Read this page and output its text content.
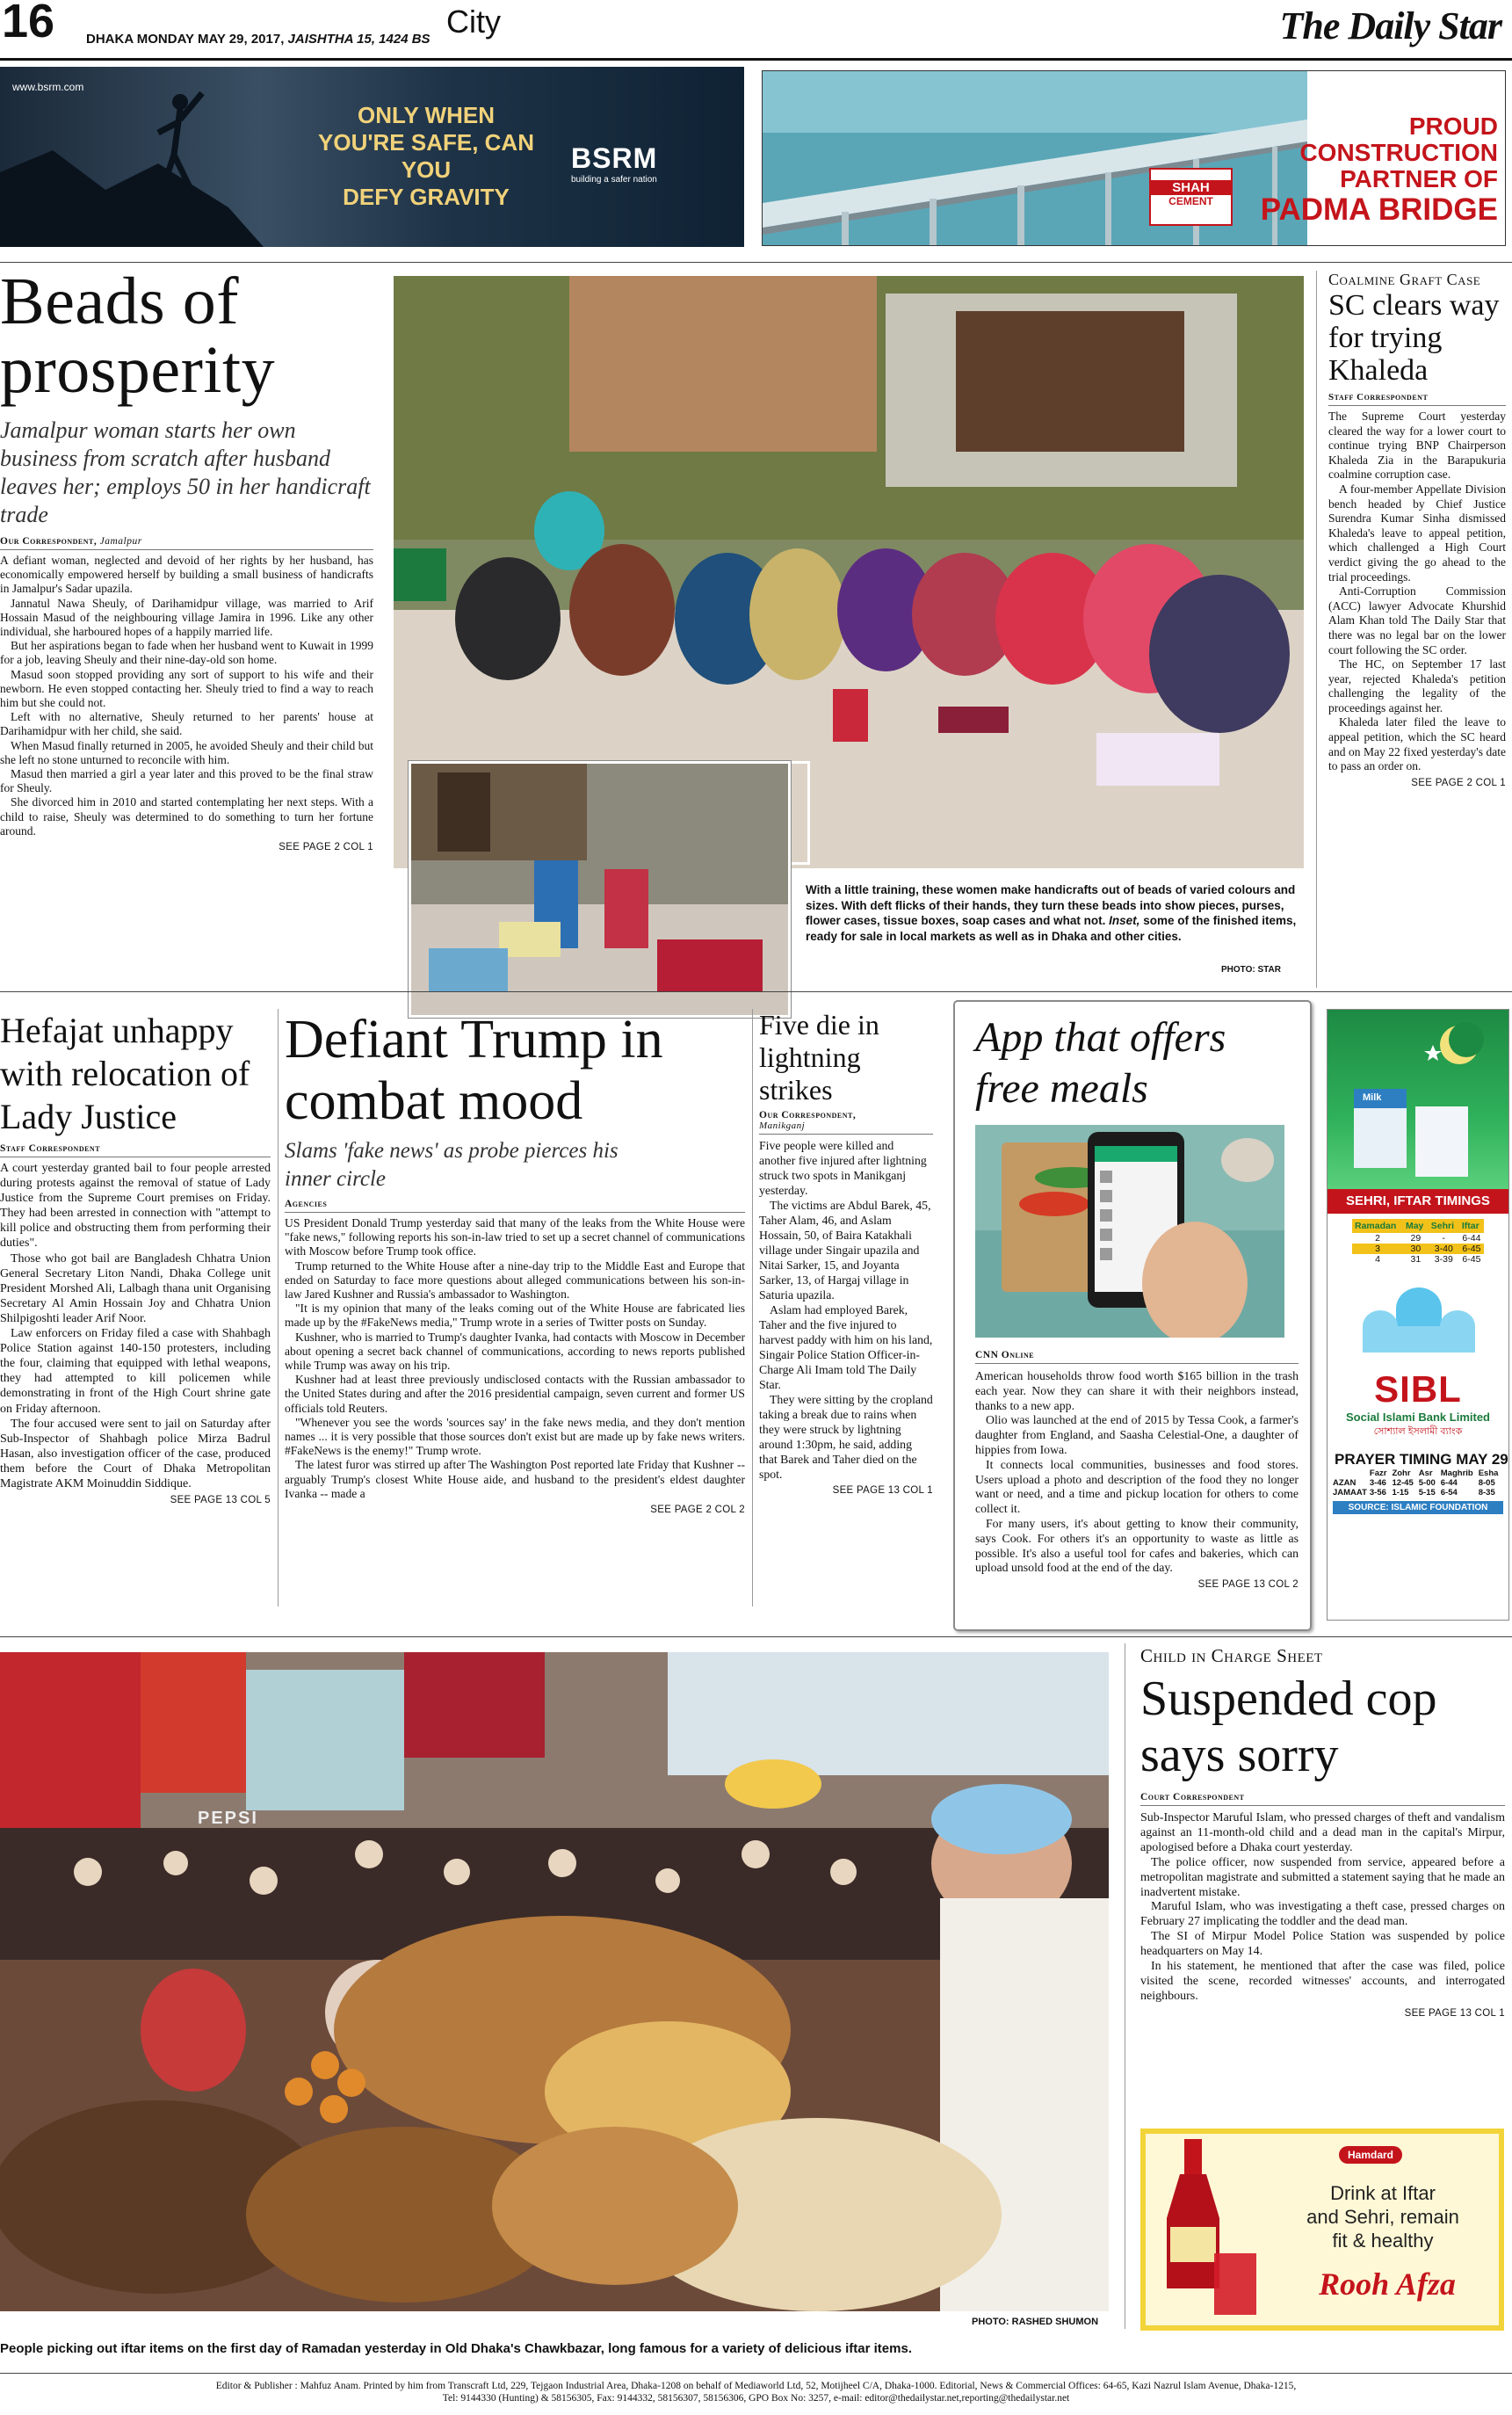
16 DHAKA MONDAY MAY 29, 2017, JAISHTHA 15, 1424 BS City	The Daily Star
www.bsrm.com
ONLY WHEN
YOU'RE SAFE, CAN YOU
DEFY GRAVITY
BSRM
building a safer nation
SHAH
CEMENT
PROUD
CONSTRUCTION
PARTNER OF
PADMA BRIDGE
Beads of prosperity
Jamalpur woman starts her own business from scratch after husband leaves her; employs 50 in her handicraft trade
Our Correspondent, Jamalpur

A defiant woman, neglected and devoid of her rights by her husband, has economically empowered herself by building a small business of handicrafts in Jamalpur's Sadar upazila.

Jannatul Nawa Sheuly, of Darihamidpur village, was married to Arif Hossain Masud of the neighbouring village Jamira in 1996. Like any other individual, she harboured hopes of a happily married life.

But her aspirations began to fade when her husband went to Kuwait in 1999 for a job, leaving Sheuly and their nine-day-old son home.

Masud soon stopped providing any sort of support to his wife and their newborn. He even stopped contacting her. Sheuly tried to find a way to reach him but she could not.

Left with no alternative, Sheuly returned to her parents' house at Darihamidpur with her child, she said.

When Masud finally returned in 2005, he avoided Sheuly and their child but she left no stone unturned to reconcile with him.

Masud then married a girl a year later and this proved to be the final straw for Sheuly.

She divorced him in 2010 and started contemplating her next steps. With a child to raise, Sheuly was determined to do something to turn her fortune around.

SEE PAGE 2 COL 1
With a little training, these women make handicrafts out of beads of varied colours and sizes. With deft flicks of their hands, they turn these beads into show pieces, purses, flower cases, tissue boxes, soap cases and what not. Inset, some of the finished items, ready for sale in local markets as well as in Dhaka and other cities.
PHOTO: STAR
Coalmine Graft Case
SC clears way for trying Khaleda
Staff Correspondent

The Supreme Court yesterday cleared the way for a lower court to continue trying BNP Chairperson Khaleda Zia in the Barapukuria coalmine corruption case.

A four-member Appellate Division bench headed by Chief Justice Surendra Kumar Sinha dismissed Khaleda's leave to appeal petition, which challenged a High Court verdict giving the go ahead to the trial proceedings.

Anti-Corruption Commission (ACC) lawyer Advocate Khurshid Alam Khan told The Daily Star that there was no legal bar on the lower court following the SC order.

The HC, on September 17 last year, rejected Khaleda's petition challenging the legality of the proceedings against her.

Khaleda later filed the leave to appeal petition, which the SC heard and on May 22 fixed yesterday's date to pass an order on.

SEE PAGE 2 COL 1
Hefajat unhappy with relocation of Lady Justice
Staff Correspondent

A court yesterday granted bail to four people arrested during protests against the removal of statue of Lady Justice from the Supreme Court premises on Friday. They had been arrested in connection with "attempt to kill police and obstructing them from performing their duties".

Those who got bail are Bangladesh Chhatra Union General Secretary Liton Nandi, Dhaka College unit President Morshed Ali, Lalbagh thana unit Organising Secretary Al Amin Hossain Joy and Chhatra Union Shilpigoshti leader Arif Noor.

Law enforcers on Friday filed a case with Shahbagh Police Station against 140-150 protesters, including the four, claiming that equipped with lethal weapons, they had attempted to kill policemen while demonstrating in front of the High Court shrine gate on Friday afternoon.

The four accused were sent to jail on Saturday after Sub-Inspector of Shahbagh police Mirza Badrul Hasan, also investigation officer of the case, produced them before the Court of Dhaka Metropolitan Magistrate AKM Moinuddin Siddique.

SEE PAGE 13 COL 5
Defiant Trump in combat mood
Slams 'fake news' as probe pierces his inner circle
Agencies

US President Donald Trump yesterday said that many of the leaks from the White House were "fake news," following reports his son-in-law tried to set up a secret channel of communications with Moscow before Trump took office.

Trump returned to the White House after a nine-day trip to the Middle East and Europe that ended on Saturday to face more questions about alleged communications between his son-in-law Jared Kushner and Russia's ambassador to Washington.

"It is my opinion that many of the leaks coming out of the White House are fabricated lies made up by the #FakeNews media," Trump wrote in a series of Twitter posts on Sunday.

Kushner, who is married to Trump's daughter Ivanka, had contacts with Moscow in December about opening a secret back channel of communications, according to news reports published while Trump was away on his trip.

Kushner had at least three previously undisclosed contacts with the Russian ambassador to the United States during and after the 2016 presidential campaign, seven current and former US officials told Reuters.

"Whenever you see the words 'sources say' in the fake news media, and they don't mention names ... it is very possible that those sources don't exist but are made up by fake news writers. #FakeNews is the enemy!" Trump wrote.

The latest furor was stirred up after The Washington Post reported late Friday that Kushner -- arguably Trump's closest White House aide, and husband to the president's eldest daughter Ivanka -- made a

SEE PAGE 2 COL 2
Five die in lightning strikes
Our Correspondent,
Manikganj

Five people were killed and another five injured after lightning struck two spots in Manikganj yesterday.

The victims are Abdul Barek, 45, Taher Alam, 46, and Aslam Hossain, 50, of Baira Katakhali village under Singair upazila and Nitai Sarker, 15, and Joyanta Sarker, 13, of Hargaj village in Saturia upazila.

Aslam had employed Barek, Taher and the five injured to harvest paddy with him on his land, Singair Police Station Officer-in-Charge Ali Imam told The Daily Star.

They were sitting by the cropland taking a break due to rains when they were struck by lightning around 1:30pm, he said, adding that Barek and Taher died on the spot.

SEE PAGE 13 COL 1
App that offers free meals
CNN Online

American households throw food worth $165 billion in the trash each year. Now they can share it with their neighbors instead, thanks to a new app.

Olio was launched at the end of 2015 by Tessa Cook, a farmer's daughter from England, and Saasha Celestial-One, a daughter of hippies from Iowa.

It connects local communities, businesses and food stores. Users upload a photo and description of the food they no longer want or need, and a time and pickup location for others to come collect it.

For many users, it's about getting to know their community, says Cook. For others it's an opportunity to waste as little as possible. It's also a useful tool for cafes and bakeries, which can upload unsold food at the end of the day.

SEE PAGE 13 COL 2
Milk
SEHRI, IFTAR TIMINGS
Ramadan	May	Sehri	Iftar
2	29	-	6-44
3	30	3-40	6-45
4	31	3-39	6-45
SIBL
Social Islami Bank Limited
সোশ্যাল ইসলামী ব্যাংক
PRAYER TIMING MAY 29
	Fazr	Zohr	Asr	Maghrib	Esha
AZAN	3-46	12-45	5-00	6-44	8-05
JAMAAT	3-56	1-15	5-15	6-54	8-35
SOURCE: ISLAMIC FOUNDATION
PEPSI
PHOTO: RASHED SHUMON
People picking out iftar items on the first day of Ramadan yesterday in Old Dhaka's Chawkbazar, long famous for a variety of delicious iftar items.
Child in Charge Sheet
Suspended cop says sorry
Court Correspondent

Sub-Inspector Maruful Islam, who pressed charges of theft and vandalism against an 11-month-old child and a dead man in the capital's Mirpur, apologised before a Dhaka court yesterday.

The police officer, now suspended from service, appeared before a metropolitan magistrate and submitted a statement saying that he made an inadvertent mistake.

Maruful Islam, who was investigating a theft case, pressed charges on February 27 implicating the toddler and the dead man.

The SI of Mirpur Model Police Station was suspended by police headquarters on May 14.

In his statement, he mentioned that after the case was filed, police visited the scene, recorded witnesses' accounts, and interrogated neighbours.

SEE PAGE 13 COL 1
Hamdard
Drink at Iftar
and Sehri, remain
fit & healthy
Rooh Afza
Editor & Publisher : Mahfuz Anam. Printed by him from Transcraft Ltd, 229, Tejgaon Industrial Area, Dhaka-1208 on behalf of Mediaworld Ltd, 52, Motijheel C/A, Dhaka-1000. Editorial, News & Commercial Offices: 64-65, Kazi Nazrul Islam Avenue, Dhaka-1215,
Tel: 9144330 (Hunting) & 58156305, Fax: 9144332, 58156307, 58156306, GPO Box No: 3257, e-mail: editor@thedailystar.net,reporting@thedailystar.net
